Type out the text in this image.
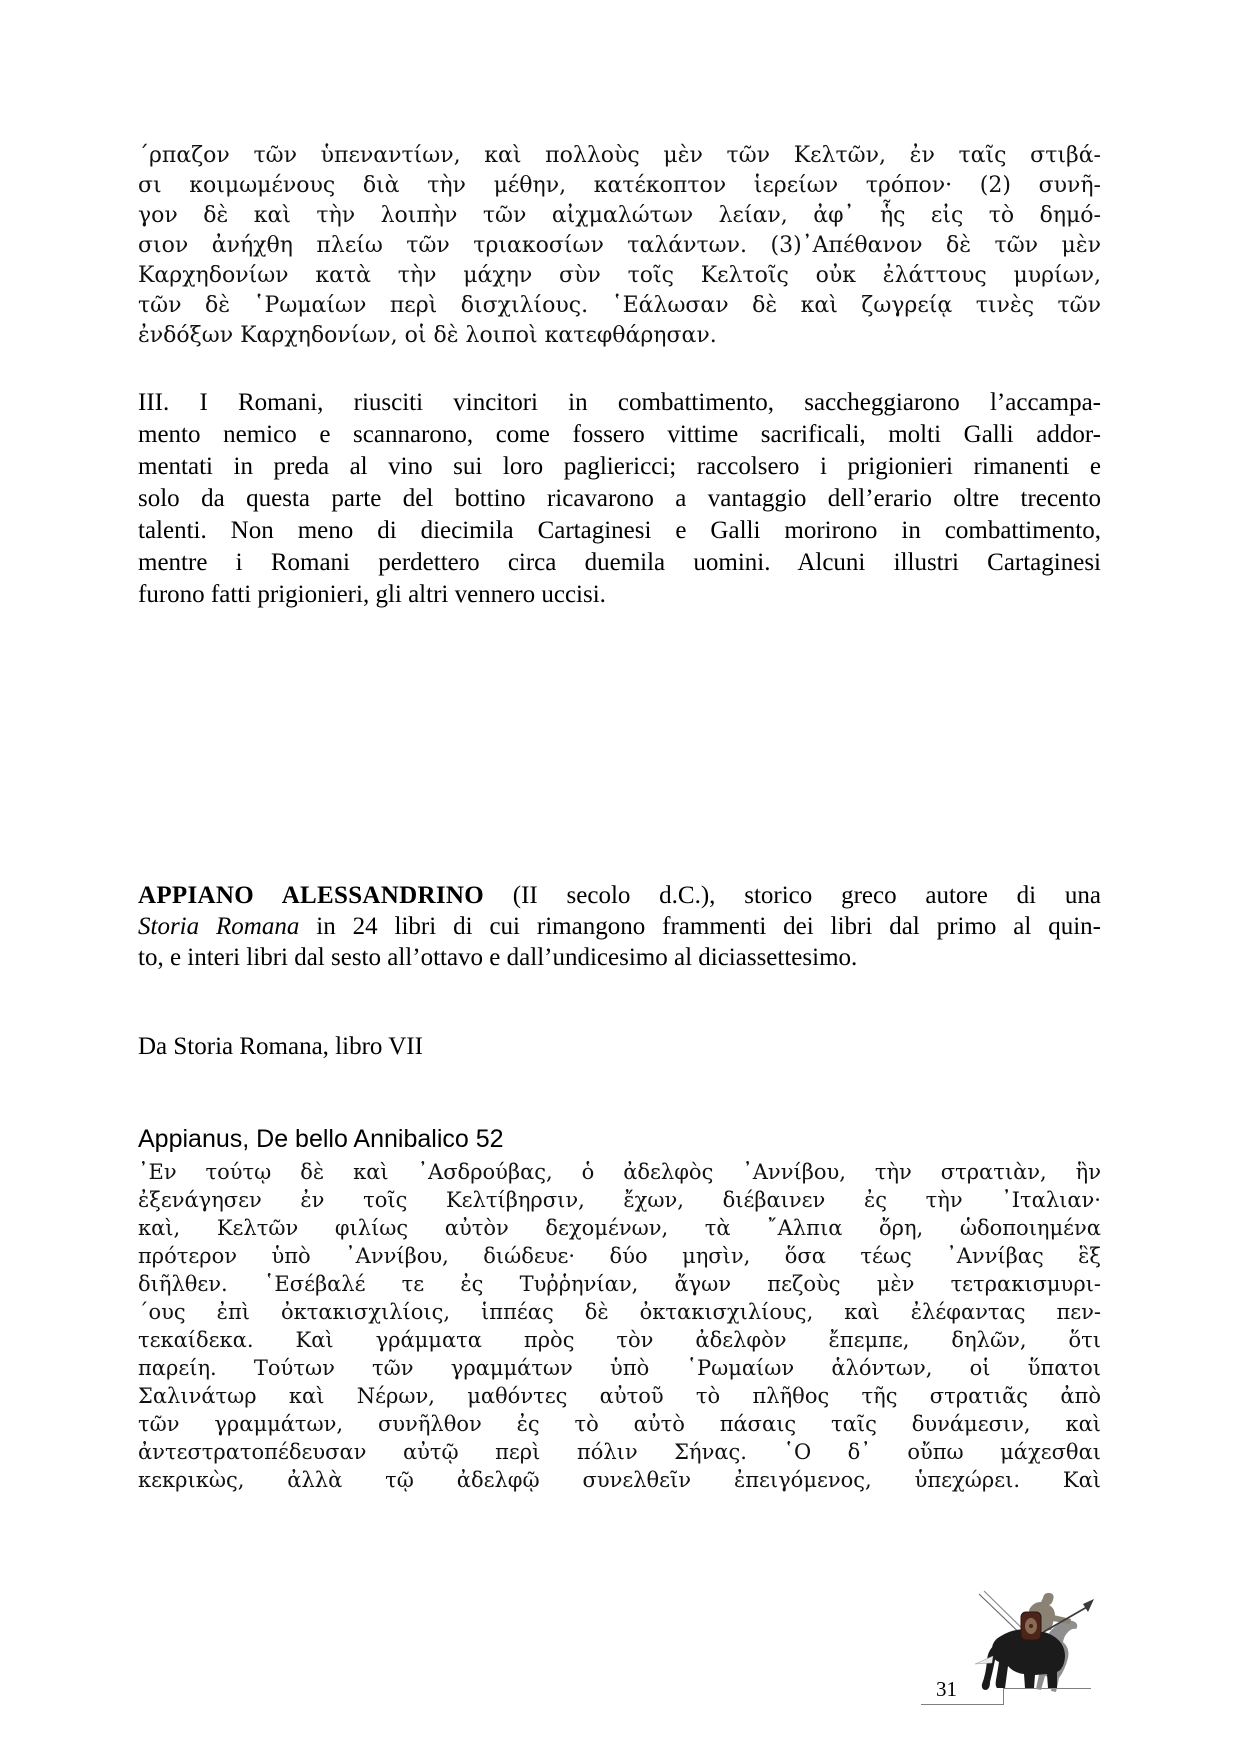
΄ρπαζον τῶν ὑπεναντίων, καὶ πολλοὺς μὲν τῶν Κελτῶν, ἐν ταῖς στιβά-
σι κοιμωμένους διὰ τὴν μέθην, κατέκοπτον ἱερείων τρόπον· (2) συνῆ-
γον δὲ καὶ τὴν λοιπὴν τῶν αἰχμαλώτων λείαν, ἀφ᾽ ἧς εἰς τὸ δημό-
σιον ἀνήχθη πλείω τῶν τριακοσίων ταλάντων. (3)᾿Απέθανον δὲ τῶν μὲν
Καρχηδονίων κατὰ τὴν μάχην σὺν τοῖς Κελτοῖς οὐκ ἐλάττους μυρίων,
τῶν δὲ ῾Ρωμαίων περὶ δισχιλίους. ῾Εάλωσαν δὲ καὶ ζωγρείᾳ τινὲς τῶν
ἐνδόξων Καρχηδονίων, οἱ δὲ λοιποὶ κατεφθάρησαν.
III. I Romani, riusciti vincitori in combattimento, saccheggiarono l’accampa-
mento nemico e scannarono, come fossero vittime sacrificali, molti Galli addor-
mentati in preda al vino sui loro pagliericci; raccolsero i prigionieri rimanenti e
solo da questa parte del bottino ricavarono a vantaggio dell’erario oltre trecento
talenti. Non meno di diecimila Cartaginesi e Galli morirono in combattimento,
mentre i Romani perdettero circa duemila uomini. Alcuni illustri Cartaginesi
furono fatti prigionieri, gli altri vennero uccisi.
APPIANO ALESSANDRINO (II secolo d.C.), storico greco autore di una
Storia Romana in 24 libri di cui rimangono frammenti dei libri dal primo al quin-
to, e interi libri dal sesto all’ottavo e dall’undicesimo al diciassettesimo.
Da Storia Romana, libro VII
Appianus, De bello Annibalico 52
᾿Εν τούτῳ δὲ καὶ ᾿Ασδρούβας, ὁ ἀδελφὸς ᾿Αννίβου, τὴν στρατιὰν, ἣν
ἐξενάγησεν ἐν τοῖς Κελτίβηρσιν, ἔχων, διέβαινεν ἐς τὴν ᾿Ιταλιαν·
καὶ, Κελτῶν φιλίως αὐτὸν δεχομένων, τὰ ῎Αλπια ὄρη, ὡδοποιημένα
πρότερον ὑπὸ ᾿Αννίβου, διώδευε· δύο μησὶν, ὅσα τέως ᾿Αννίβας ἓξ
διῆλθεν. ῾Εσέβαλέ τε ἐς Τυῤῥηνίαν, ἄγων πεζοὺς μὲν τετρακισμυρι-
΄ους ἐπὶ ὀκτακισχιλίοις, ἱππέας δὲ ὀκτακισχιλίους, καὶ ἐλέφαντας πεν-
τεκαίδεκα. Καὶ γράμματα πρὸς τὸν ἀδελφὸν ἔπεμπε, δηλῶν, ὅτι
παρείη. Τούτων τῶν γραμμάτων ὑπὸ ῾Ρωμαίων ἁλόντων, οἱ ὕπατοι
Σαλινάτωρ καὶ Νέρων, μαθόντες αὐτοῦ τὸ πλῆθος τῆς στρατιᾶς ἀπὸ
τῶν γραμμάτων, συνῆλθον ἐς τὸ αὐτὸ πάσαις ταῖς δυνάμεσιν, καὶ
ἀντεστρατοπέδευσαν αὐτῷ περὶ πόλιν Σήνας. ῾Ο δ᾽ οὔπω μάχεσθαι
κεκρικὼς, ἀλλὰ τῷ ἀδελφῷ συνελθεῖν ἐπειγόμενος, ὑπεχώρει. Καὶ
31
